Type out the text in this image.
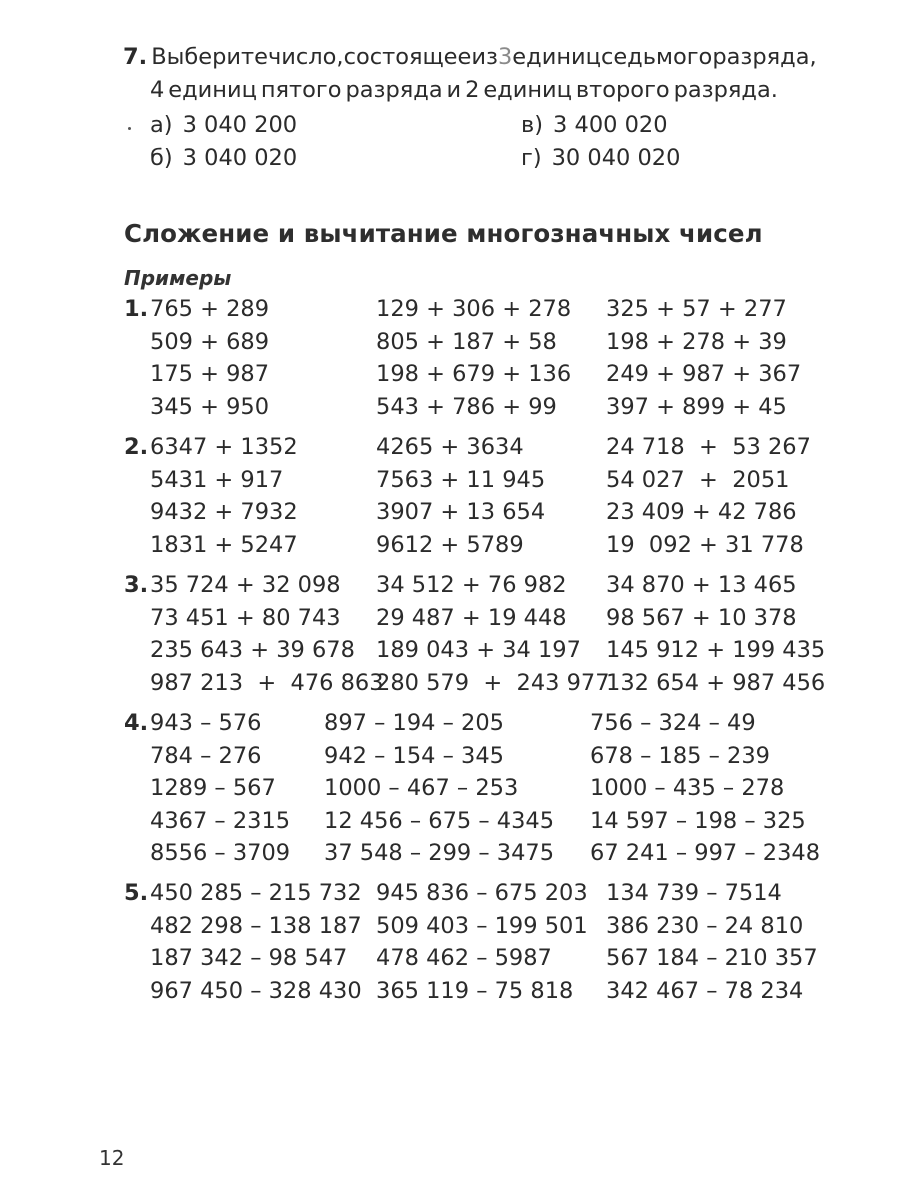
7. Выберите число, состоящее из 3 единиц седьмого разряда,
4 единиц пятого разряда и 2 единиц второго разряда.
а) 3 040 200
б) 3 040 020
в) 3 400 020
г) 30 040 020
Сложение и вычитание многозначных чисел
Примеры
1. 765 + 289
509 + 689
175 + 987
345 + 950
129 + 306 + 278
805 + 187 + 58
198 + 679 + 136
543 + 786 + 99
325 + 57 + 277
198 + 278 + 39
249 + 987 + 367
397 + 899 + 45
2. 6347 + 1352
5431 + 917
9432 + 7932
1831 + 5247
4265 + 3634
7563 + 11 945
3907 + 13 654
9612 + 5789
24 718  +  53 267
54 027  +  2051
23 409 + 42 786
19  092 + 31 778
3. 35 724 + 32 098
73 451 + 80 743
235 643 + 39 678
987 213  +  476 863
34 512 + 76 982
29 487 + 19 448
189 043 + 34 197
280 579  +  243 977
34 870 + 13 465
98 567 + 10 378
145 912 + 199 435
132 654 + 987 456
4. 943 – 576
784 – 276
1289 – 567
4367 – 2315
8556 – 3709
897 – 194 – 205
942 – 154 – 345
1000 – 467 – 253
12 456 – 675 – 4345
37 548 – 299 – 3475
756 – 324 – 49
678 – 185 – 239
1000 – 435 – 278
14 597 – 198 – 325
67 241 – 997 – 2348
5. 450 285 – 215 732
482 298 – 138 187
187 342 – 98 547
967 450 – 328 430
945 836 – 675 203
509 403 – 199 501
478 462 – 5987
365 119 – 75 818
134 739 – 7514
386 230 – 24 810
567 184 – 210 357
342 467 – 78 234
12
